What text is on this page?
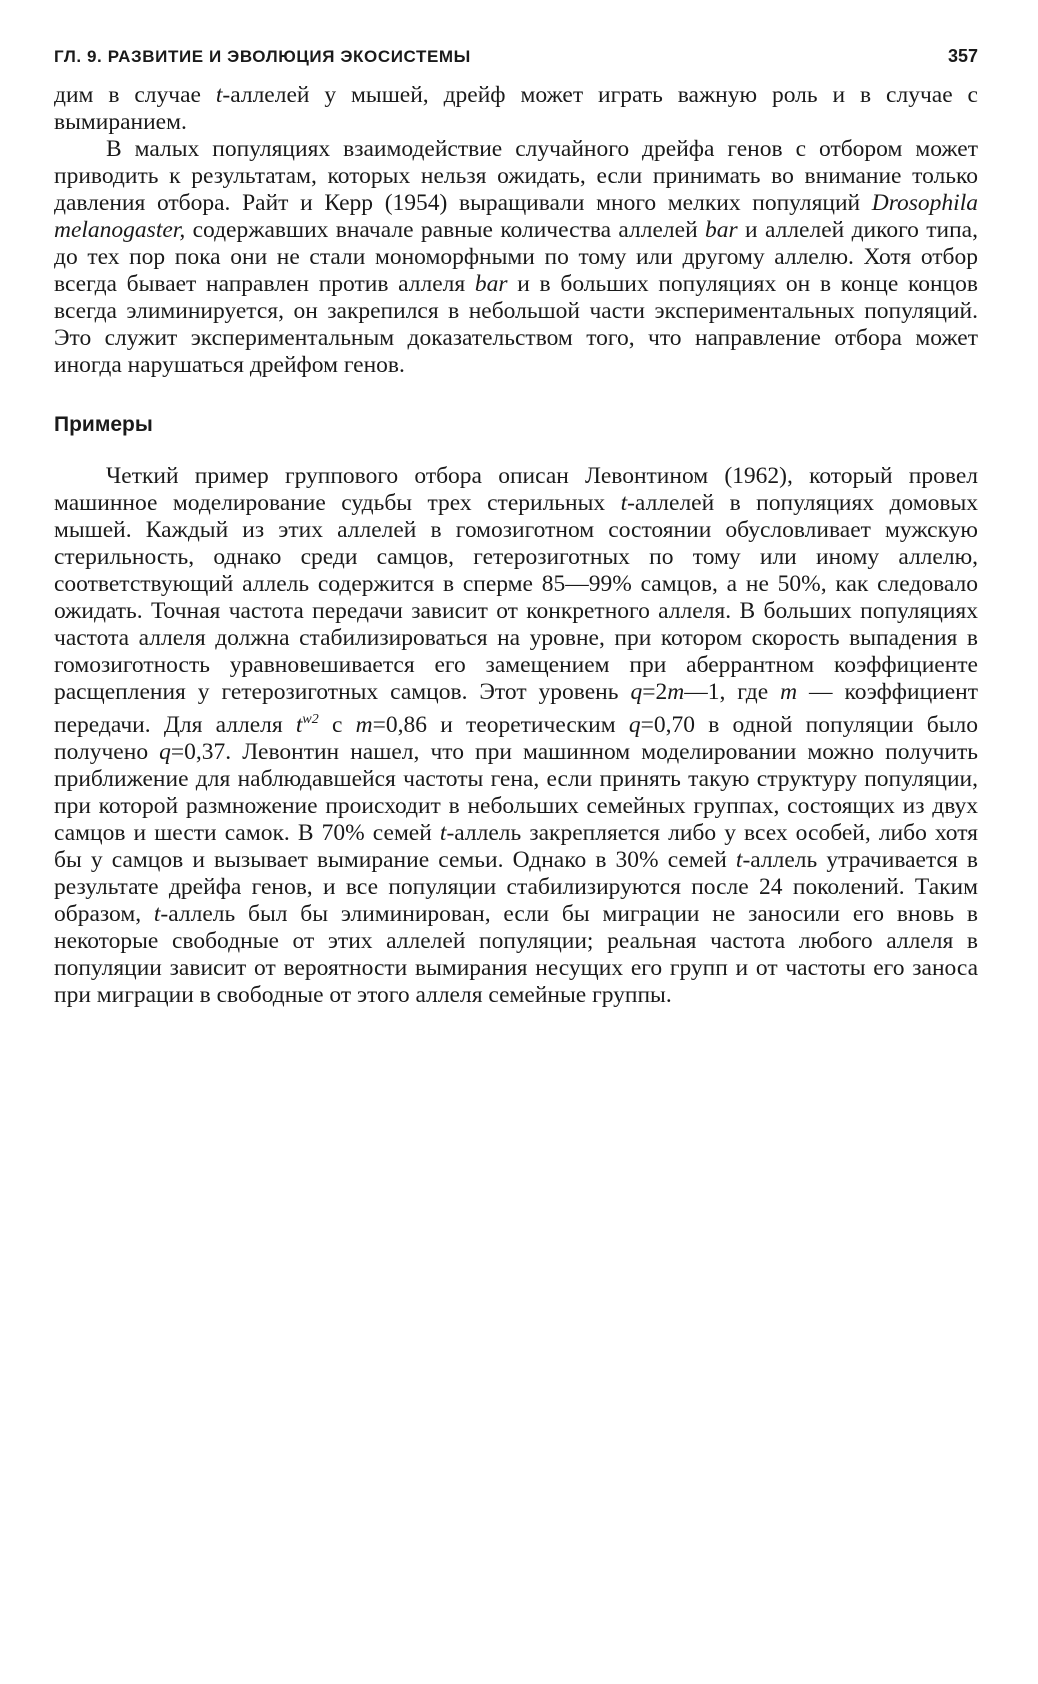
ГЛ. 9. РАЗВИТИЕ И ЭВОЛЮЦИЯ ЭКОСИСТЕМЫ	357

дим в случае t-аллелей у мышей, дрейф может играть важную роль и в случае с вымиранием.

В малых популяциях взаимодействие случайного дрейфа генов с отбором может приводить к результатам, которых нельзя ожидать, если принимать во внимание только давления отбора. Райт и Керр (1954) выращивали много мелких популяций Drosophila melanogaster, содержавших вначале равные количества аллелей bar и аллелей дикого типа, до тех пор пока они не стали мономорфными по тому или другому аллелю. Хотя отбор всегда бывает направлен против аллеля bar и в больших популяциях он в конце концов всегда элиминируется, он закрепился в небольшой части экспериментальных популяций. Это служит экспериментальным доказательством того, что направление отбора может иногда нарушаться дрейфом генов.

Примеры

Четкий пример группового отбора описан Левонтином (1962), который провел машинное моделирование судьбы трех стерильных t-аллелей в популяциях домовых мышей. Каждый из этих аллелей в гомозиготном состоянии обусловливает мужскую стерильность, однако среди самцов, гетерозиготных по тому или иному аллелю, соответствующий аллель содержится в сперме 85—99% самцов, а не 50%, как следовало ожидать. Точная частота передачи зависит от конкретного аллеля. В больших популяциях частота аллеля должна стабилизироваться на уровне, при котором скорость выпадения в гомозиготность уравновешивается его замещением при аберрантном коэффициенте расщепления у гетерозиготных самцов. Этот уровень q=2m—1, где m — коэффициент передачи. Для аллеля $t^{w2}$ с m=0,86 и теоретическим q=0,70 в одной популяции было получено q=0,37. Левонтин нашел, что при машинном моделировании можно получить приближение для наблюдавшейся частоты гена, если принять такую структуру популяции, при которой размножение происходит в небольших семейных группах, состоящих из двух самцов и шести самок. В 70% семей t-аллель закрепляется либо у всех особей, либо хотя бы у самцов и вызывает вымирание семьи. Однако в 30% семей t-аллель утрачивается в результате дрейфа генов, и все популяции стабилизируются после 24 поколений. Таким образом, t-аллель был бы элиминирован, если бы миграции не заносили его вновь в некоторые свободные от этих аллелей популяции; реальная частота любого аллеля в популяции зависит от вероятности вымирания несущих его групп и от частоты его заноса при миграции в свободные от этого аллеля семейные группы.
